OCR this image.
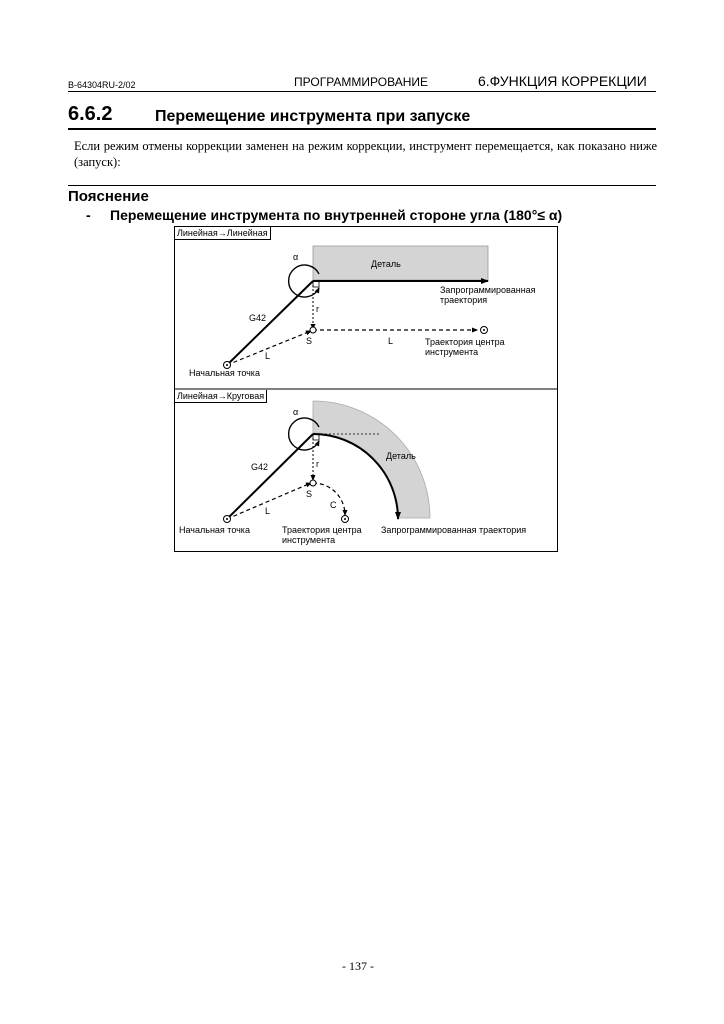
B-64304RU-2/02	ПРОГРАММИРОВАНИЕ	6.ФУНКЦИЯ КОРРЕКЦИИ
6.6.2	Перемещение инструмента при запуске
Если режим отмены коррекции заменен на режим коррекции, инструмент перемещается, как показано ниже (запуск):
Пояснение
- Перемещение инструмента по внутренней стороне угла (180°≤ α)
Линейная→Линейная
α
Деталь
Запрограммированная
траектория
G42
r
S	L
L
Траектория центра
инструмента
Начальная точка
Линейная→Круговая
α
Деталь
G42	r
S
C
L
Начальная точка	Траектория центра
инструмента
Запрограммированная траектория
- 137 -
